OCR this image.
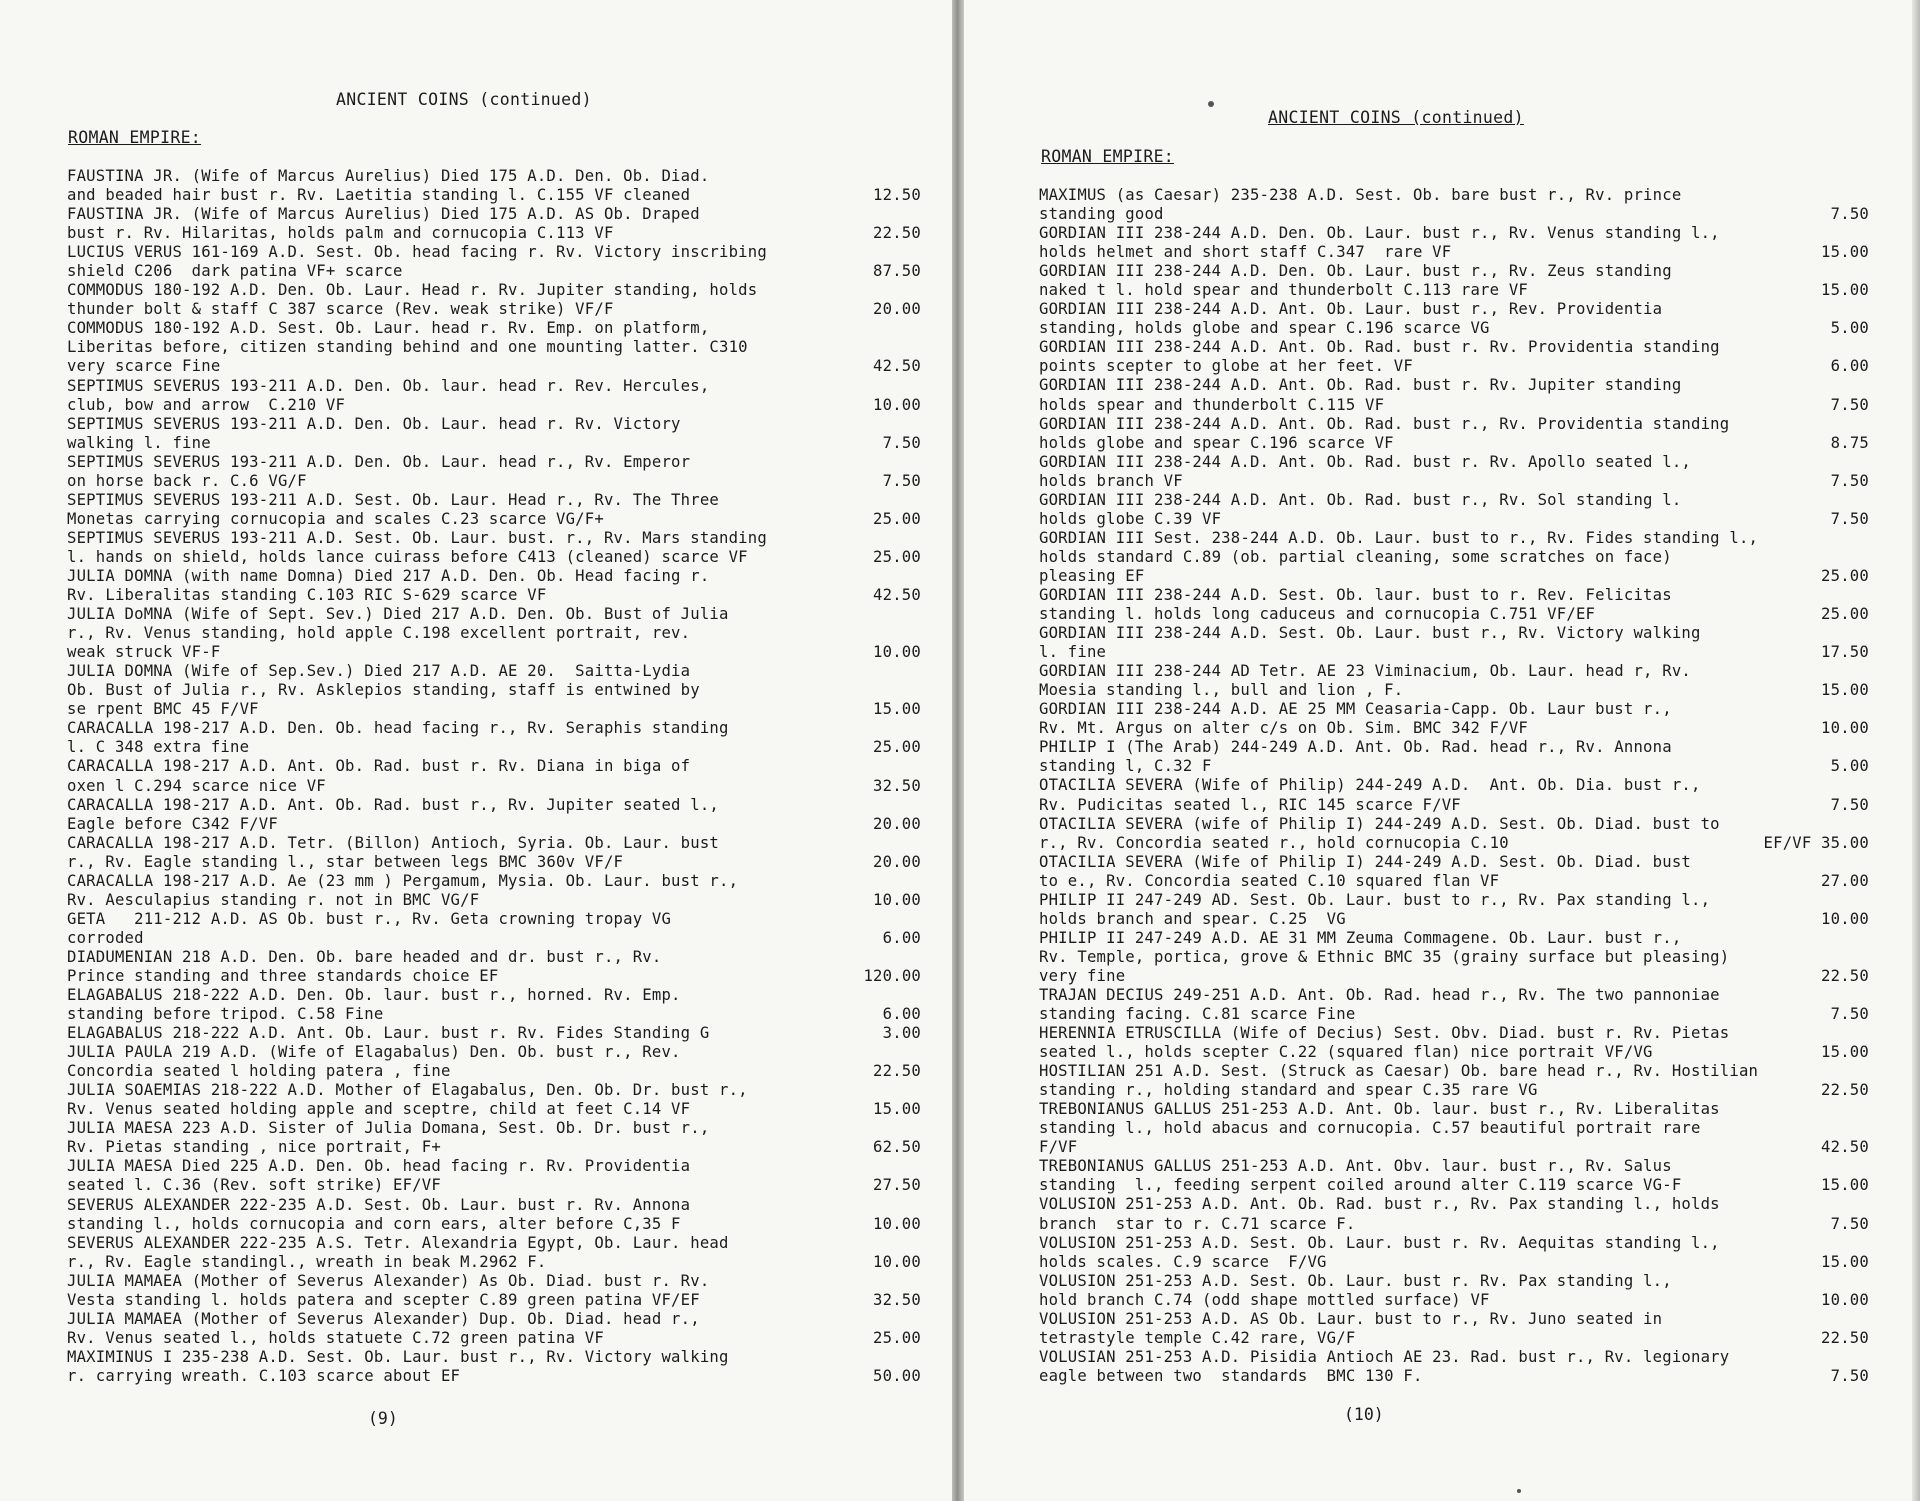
ANCIENT COINS (continued)
ROMAN EMPIRE:
FAUSTINA JR. (Wife of Marcus Aurelius) Died 175 A.D. Den. Ob. Diad.
and beaded hair bust r. Rv. Laetitia standing l. C.155 VF cleaned	12.50
FAUSTINA JR. (Wife of Marcus Aurelius) Died 175 A.D. AS Ob. Draped
bust r. Rv. Hilaritas, holds palm and cornucopia C.113 VF	22.50
LUCIUS VERUS 161-169 A.D. Sest. Ob. head facing r. Rv. Victory inscribing
shield C206  dark patina VF+ scarce	87.50
COMMODUS 180-192 A.D. Den. Ob. Laur. Head r. Rv. Jupiter standing, holds
thunder bolt & staff C 387 scarce (Rev. weak strike) VF/F	20.00
COMMODUS 180-192 A.D. Sest. Ob. Laur. head r. Rv. Emp. on platform,
Liberitas before, citizen standing behind and one mounting latter. C310
very scarce Fine	42.50
SEPTIMUS SEVERUS 193-211 A.D. Den. Ob. laur. head r. Rev. Hercules,
club, bow and arrow  C.210 VF	10.00
SEPTIMUS SEVERUS 193-211 A.D. Den. Ob. Laur. head r. Rv. Victory
walking l. fine	7.50
SEPTIMUS SEVERUS 193-211 A.D. Den. Ob. Laur. head r., Rv. Emperor
on horse back r. C.6 VG/F	7.50
SEPTIMUS SEVERUS 193-211 A.D. Sest. Ob. Laur. Head r., Rv. The Three
Monetas carrying cornucopia and scales C.23 scarce VG/F+	25.00
SEPTIMUS SEVERUS 193-211 A.D. Sest. Ob. Laur. bust. r., Rv. Mars standing
l. hands on shield, holds lance cuirass before C413 (cleaned) scarce VF	25.00
JULIA DOMNA (with name Domna) Died 217 A.D. Den. Ob. Head facing r.
Rv. Liberalitas standing C.103 RIC S-629 scarce VF	42.50
JULIA DoMNA (Wife of Sept. Sev.) Died 217 A.D. Den. Ob. Bust of Julia
r., Rv. Venus standing, hold apple C.198 excellent portrait, rev.
weak struck VF-F	10.00
JULIA DOMNA (Wife of Sep.Sev.) Died 217 A.D. AE 20.  Saitta-Lydia
Ob. Bust of Julia r., Rv. Asklepios standing, staff is entwined by
se rpent BMC 45 F/VF	15.00
CARACALLA 198-217 A.D. Den. Ob. head facing r., Rv. Seraphis standing
l. C 348 extra fine	25.00
CARACALLA 198-217 A.D. Ant. Ob. Rad. bust r. Rv. Diana in biga of
oxen l C.294 scarce nice VF	32.50
CARACALLA 198-217 A.D. Ant. Ob. Rad. bust r., Rv. Jupiter seated l.,
Eagle before C342 F/VF	20.00
CARACALLA 198-217 A.D. Tetr. (Billon) Antioch, Syria. Ob. Laur. bust
r., Rv. Eagle standing l., star between legs BMC 360v VF/F	20.00
CARACALLA 198-217 A.D. Ae (23 mm ) Pergamum, Mysia. Ob. Laur. bust r.,
Rv. Aesculapius standing r. not in BMC VG/F	10.00
GETA   211-212 A.D. AS Ob. bust r., Rv. Geta crowning tropay VG
corroded	6.00
DIADUMENIAN 218 A.D. Den. Ob. bare headed and dr. bust r., Rv.
Prince standing and three standards choice EF	120.00
ELAGABALUS 218-222 A.D. Den. Ob. laur. bust r., horned. Rv. Emp.
standing before tripod. C.58 Fine	6.00
ELAGABALUS 218-222 A.D. Ant. Ob. Laur. bust r. Rv. Fides Standing G	3.00
JULIA PAULA 219 A.D. (Wife of Elagabalus) Den. Ob. bust r., Rev.
Concordia seated l holding patera , fine	22.50
JULIA SOAEMIAS 218-222 A.D. Mother of Elagabalus, Den. Ob. Dr. bust r.,
Rv. Venus seated holding apple and sceptre, child at feet C.14 VF	15.00
JULIA MAESA 223 A.D. Sister of Julia Domana, Sest. Ob. Dr. bust r.,
Rv. Pietas standing , nice portrait, F+	62.50
JULIA MAESA Died 225 A.D. Den. Ob. head facing r. Rv. Providentia
seated l. C.36 (Rev. soft strike) EF/VF	27.50
SEVERUS ALEXANDER 222-235 A.D. Sest. Ob. Laur. bust r. Rv. Annona
standing l., holds cornucopia and corn ears, alter before C,35 F	10.00
SEVERUS ALEXANDER 222-235 A.S. Tetr. Alexandria Egypt, Ob. Laur. head
r., Rv. Eagle standingl., wreath in beak M.2962 F.	10.00
JULIA MAMAEA (Mother of Severus Alexander) As Ob. Diad. bust r. Rv.
Vesta standing l. holds patera and scepter C.89 green patina VF/EF	32.50
JULIA MAMAEA (Mother of Severus Alexander) Dup. Ob. Diad. head r.,
Rv. Venus seated l., holds statuete C.72 green patina VF	25.00
MAXIMINUS I 235-238 A.D. Sest. Ob. Laur. bust r., Rv. Victory walking
r. carrying wreath. C.103 scarce about EF	50.00
(9)
ANCIENT COINS (continued)
ROMAN EMPIRE:
MAXIMUS (as Caesar) 235-238 A.D. Sest. Ob. bare bust r., Rv. prince
standing good	7.50
GORDIAN III 238-244 A.D. Den. Ob. Laur. bust r., Rv. Venus standing l.,
holds helmet and short staff C.347  rare VF	15.00
GORDIAN III 238-244 A.D. Den. Ob. Laur. bust r., Rv. Zeus standing
naked t l. hold spear and thunderbolt C.113 rare VF	15.00
GORDIAN III 238-244 A.D. Ant. Ob. Laur. bust r., Rev. Providentia
standing, holds globe and spear C.196 scarce VG	5.00
GORDIAN III 238-244 A.D. Ant. Ob. Rad. bust r. Rv. Providentia standing
points scepter to globe at her feet. VF	6.00
GORDIAN III 238-244 A.D. Ant. Ob. Rad. bust r. Rv. Jupiter standing
holds spear and thunderbolt C.115 VF	7.50
GORDIAN III 238-244 A.D. Ant. Ob. Rad. bust r., Rv. Providentia standing
holds globe and spear C.196 scarce VF	8.75
GORDIAN III 238-244 A.D. Ant. Ob. Rad. bust r. Rv. Apollo seated l.,
holds branch VF	7.50
GORDIAN III 238-244 A.D. Ant. Ob. Rad. bust r., Rv. Sol standing l.
holds globe C.39 VF	7.50
GORDIAN III Sest. 238-244 A.D. Ob. Laur. bust to r., Rv. Fides standing l.,
holds standard C.89 (ob. partial cleaning, some scratches on face)
pleasing EF	25.00
GORDIAN III 238-244 A.D. Sest. Ob. laur. bust to r. Rev. Felicitas
standing l. holds long caduceus and cornucopia C.751 VF/EF	25.00
GORDIAN III 238-244 A.D. Sest. Ob. Laur. bust r., Rv. Victory walking
l. fine	17.50
GORDIAN III 238-244 AD Tetr. AE 23 Viminacium, Ob. Laur. head r, Rv.
Moesia standing l., bull and lion , F.	15.00
GORDIAN III 238-244 A.D. AE 25 MM Ceasaria-Capp. Ob. Laur bust r.,
Rv. Mt. Argus on alter c/s on Ob. Sim. BMC 342 F/VF	10.00
PHILIP I (The Arab) 244-249 A.D. Ant. Ob. Rad. head r., Rv. Annona
standing l, C.32 F	5.00
OTACILIA SEVERA (Wife of Philip) 244-249 A.D.  Ant. Ob. Dia. bust r.,
Rv. Pudicitas seated l., RIC 145 scarce F/VF	7.50
OTACILIA SEVERA (wife of Philip I) 244-249 A.D. Sest. Ob. Diad. bust to
r., Rv. Concordia seated r., hold cornucopia C.10	EF/VF 35.00
OTACILIA SEVERA (Wife of Philip I) 244-249 A.D. Sest. Ob. Diad. bust
to e., Rv. Concordia seated C.10 squared flan VF	27.00
PHILIP II 247-249 AD. Sest. Ob. Laur. bust to r., Rv. Pax standing l.,
holds branch and spear. C.25  VG	10.00
PHILIP II 247-249 A.D. AE 31 MM Zeuma Commagene. Ob. Laur. bust r.,
Rv. Temple, portica, grove & Ethnic BMC 35 (grainy surface but pleasing)
very fine	22.50
TRAJAN DECIUS 249-251 A.D. Ant. Ob. Rad. head r., Rv. The two pannoniae
standing facing. C.81 scarce Fine	7.50
HERENNIA ETRUSCILLA (Wife of Decius) Sest. Obv. Diad. bust r. Rv. Pietas
seated l., holds scepter C.22 (squared flan) nice portrait VF/VG	15.00
HOSTILIAN 251 A.D. Sest. (Struck as Caesar) Ob. bare head r., Rv. Hostilian
standing r., holding standard and spear C.35 rare VG	22.50
TREBONIANUS GALLUS 251-253 A.D. Ant. Ob. laur. bust r., Rv. Liberalitas
standing l., hold abacus and cornucopia. C.57 beautiful portrait rare
F/VF	42.50
TREBONIANUS GALLUS 251-253 A.D. Ant. Obv. laur. bust r., Rv. Salus
standing  l., feeding serpent coiled around alter C.119 scarce VG-F	15.00
VOLUSION 251-253 A.D. Ant. Ob. Rad. bust r., Rv. Pax standing l., holds
branch  star to r. C.71 scarce F.	7.50
VOLUSION 251-253 A.D. Sest. Ob. Laur. bust r. Rv. Aequitas standing l.,
holds scales. C.9 scarce  F/VG	15.00
VOLUSION 251-253 A.D. Sest. Ob. Laur. bust r. Rv. Pax standing l.,
hold branch C.74 (odd shape mottled surface) VF	10.00
VOLUSION 251-253 A.D. AS Ob. Laur. bust to r., Rv. Juno seated in
tetrastyle temple C.42 rare, VG/F	22.50
VOLUSIAN 251-253 A.D. Pisidia Antioch AE 23. Rad. bust r., Rv. legionary
eagle between two  standards  BMC 130 F.	7.50
(10)
